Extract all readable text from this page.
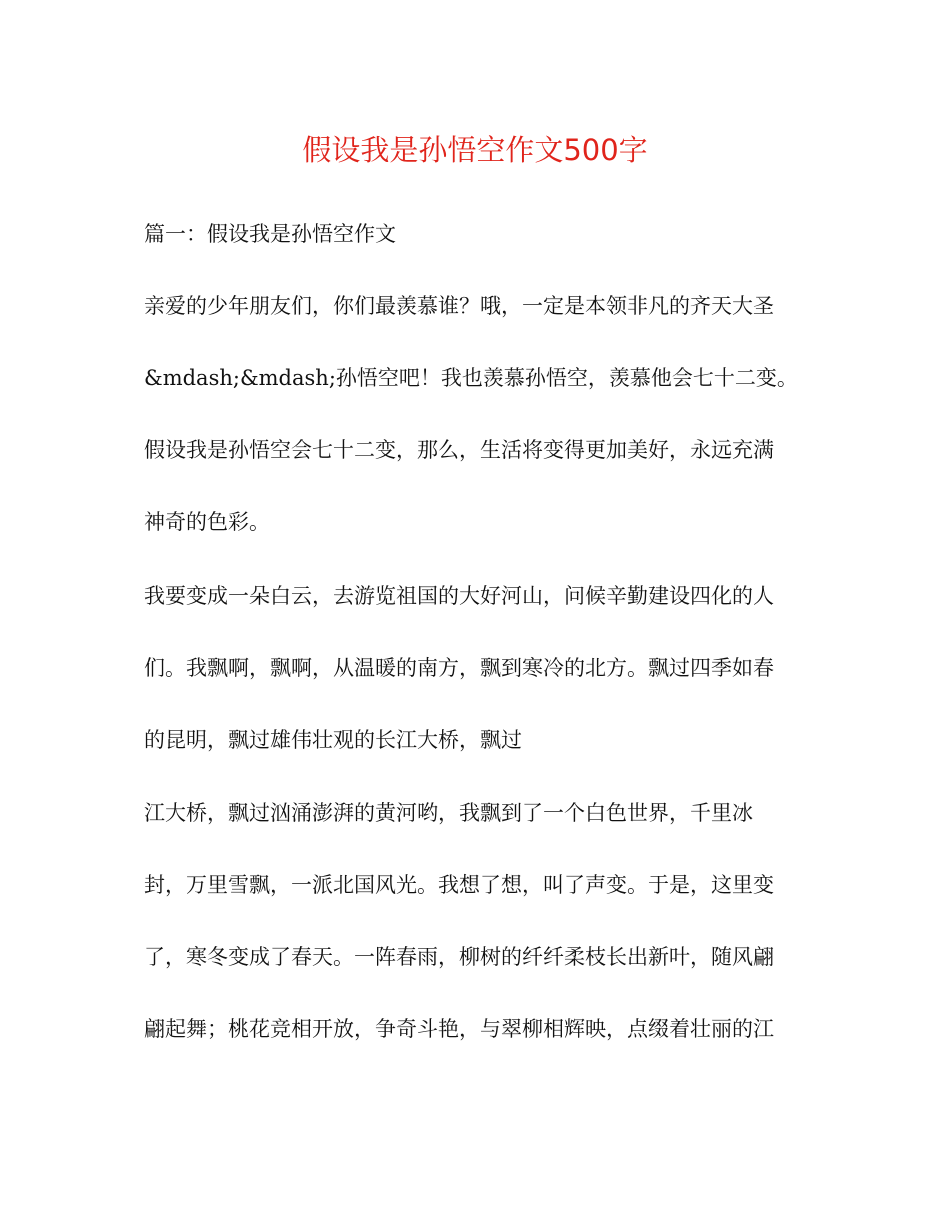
假设我是孙悟空作文500字
篇一：假设我是孙悟空作文
亲爱的少年朋友们，你们最羡慕谁？哦，一定是本领非凡的齐天大圣
&mdash;&mdash;孙悟空吧！我也羡慕孙悟空，羡慕他会七十二变。
假设我是孙悟空会七十二变，那么，生活将变得更加美好，永远充满
神奇的色彩。
我要变成一朵白云，去游览祖国的大好河山，问候辛勤建设四化的人
们。我飘啊，飘啊，从温暖的南方，飘到寒冷的北方。飘过四季如春
的昆明，飘过雄伟壮观的长江大桥，飘过
江大桥，飘过汹涌澎湃的黄河哟，我飘到了一个白色世界，千里冰
封，万里雪飘，一派北国风光。我想了想，叫了声变。于是，这里变
了，寒冬变成了春天。一阵春雨，柳树的纤纤柔枝长出新叶，随风翩
翩起舞；桃花竞相开放，争奇斗艳，与翠柳相辉映，点缀着壮丽的江
